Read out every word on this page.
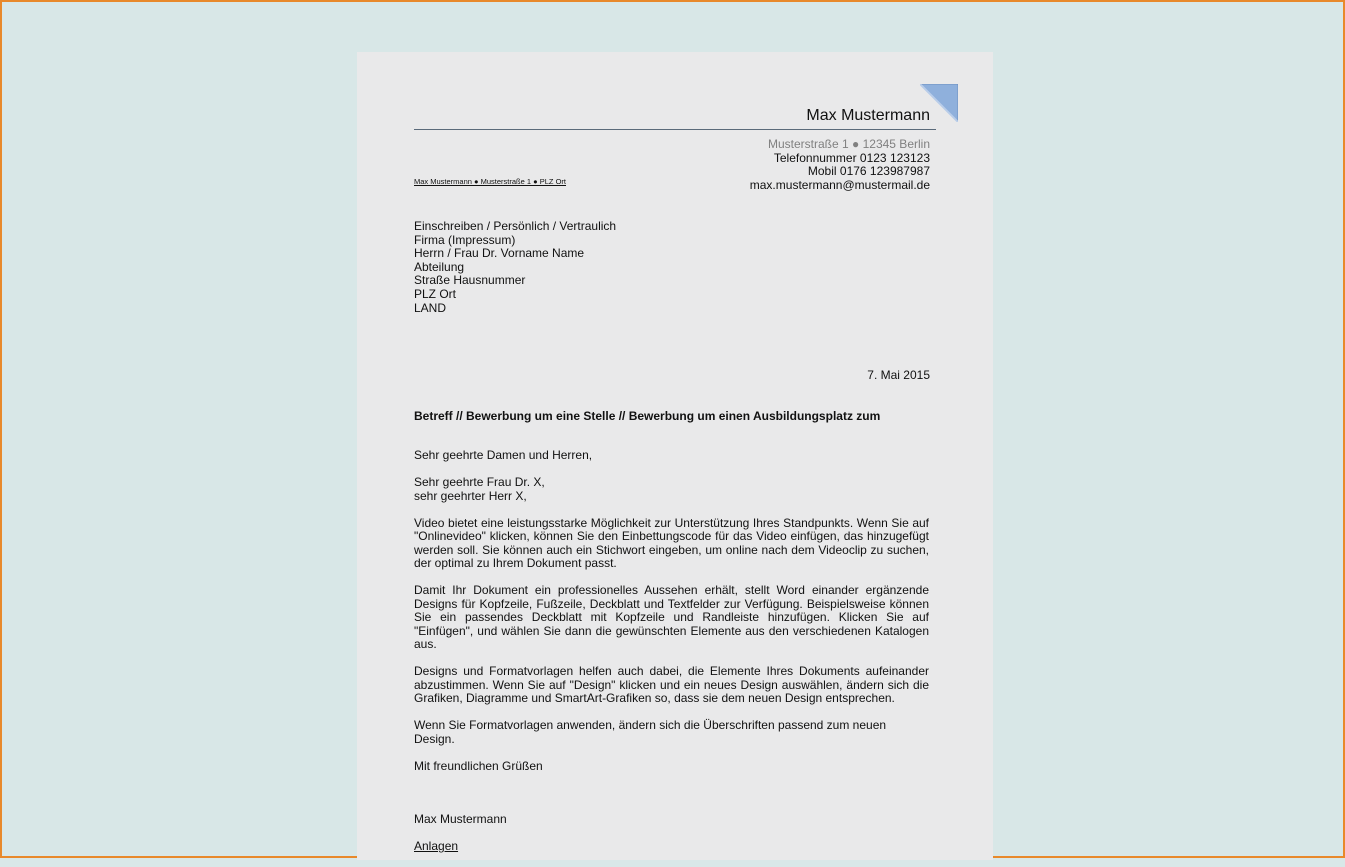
Max Mustermann
Musterstraße 1 ● 12345 Berlin
Telefonnummer 0123 123123
Mobil 0176 123987987
max.mustermann@mustermail.de
Max Mustermann ● Musterstraße 1 ● PLZ Ort
Einschreiben / Persönlich / Vertraulich
Firma (Impressum)
Herrn / Frau Dr. Vorname Name
Abteilung
Straße Hausnummer
PLZ Ort
LAND
7. Mai 2015
Betreff // Bewerbung um eine Stelle // Bewerbung um einen Ausbildungsplatz zum

Sehr geehrte Damen und Herren,

Sehr geehrte Frau Dr. X,
sehr geehrter Herr X,

Video bietet eine leistungsstarke Möglichkeit zur Unterstützung Ihres Standpunkts. Wenn Sie auf "Onlinevideo" klicken, können Sie den Einbettungscode für das Video einfügen, das hinzugefügt werden soll. Sie können auch ein Stichwort eingeben, um online nach dem Videoclip zu suchen, der optimal zu Ihrem Dokument passt.

Damit Ihr Dokument ein professionelles Aussehen erhält, stellt Word einander ergänzende Designs für Kopfzeile, Fußzeile, Deckblatt und Textfelder zur Verfügung. Beispielsweise können Sie ein passendes Deckblatt mit Kopfzeile und Randleiste hinzufügen. Klicken Sie auf "Einfügen", und wählen Sie dann die gewünschten Elemente aus den verschiedenen Katalogen aus.

Designs und Formatvorlagen helfen auch dabei, die Elemente Ihres Dokuments aufeinander abzustimmen. Wenn Sie auf "Design" klicken und ein neues Design auswählen, ändern sich die Grafiken, Diagramme und SmartArt-Grafiken so, dass sie dem neuen Design entsprechen.

Wenn Sie Formatvorlagen anwenden, ändern sich die Überschriften passend zum neuen Design.

Mit freundlichen Grüßen

Max Mustermann

Anlagen
